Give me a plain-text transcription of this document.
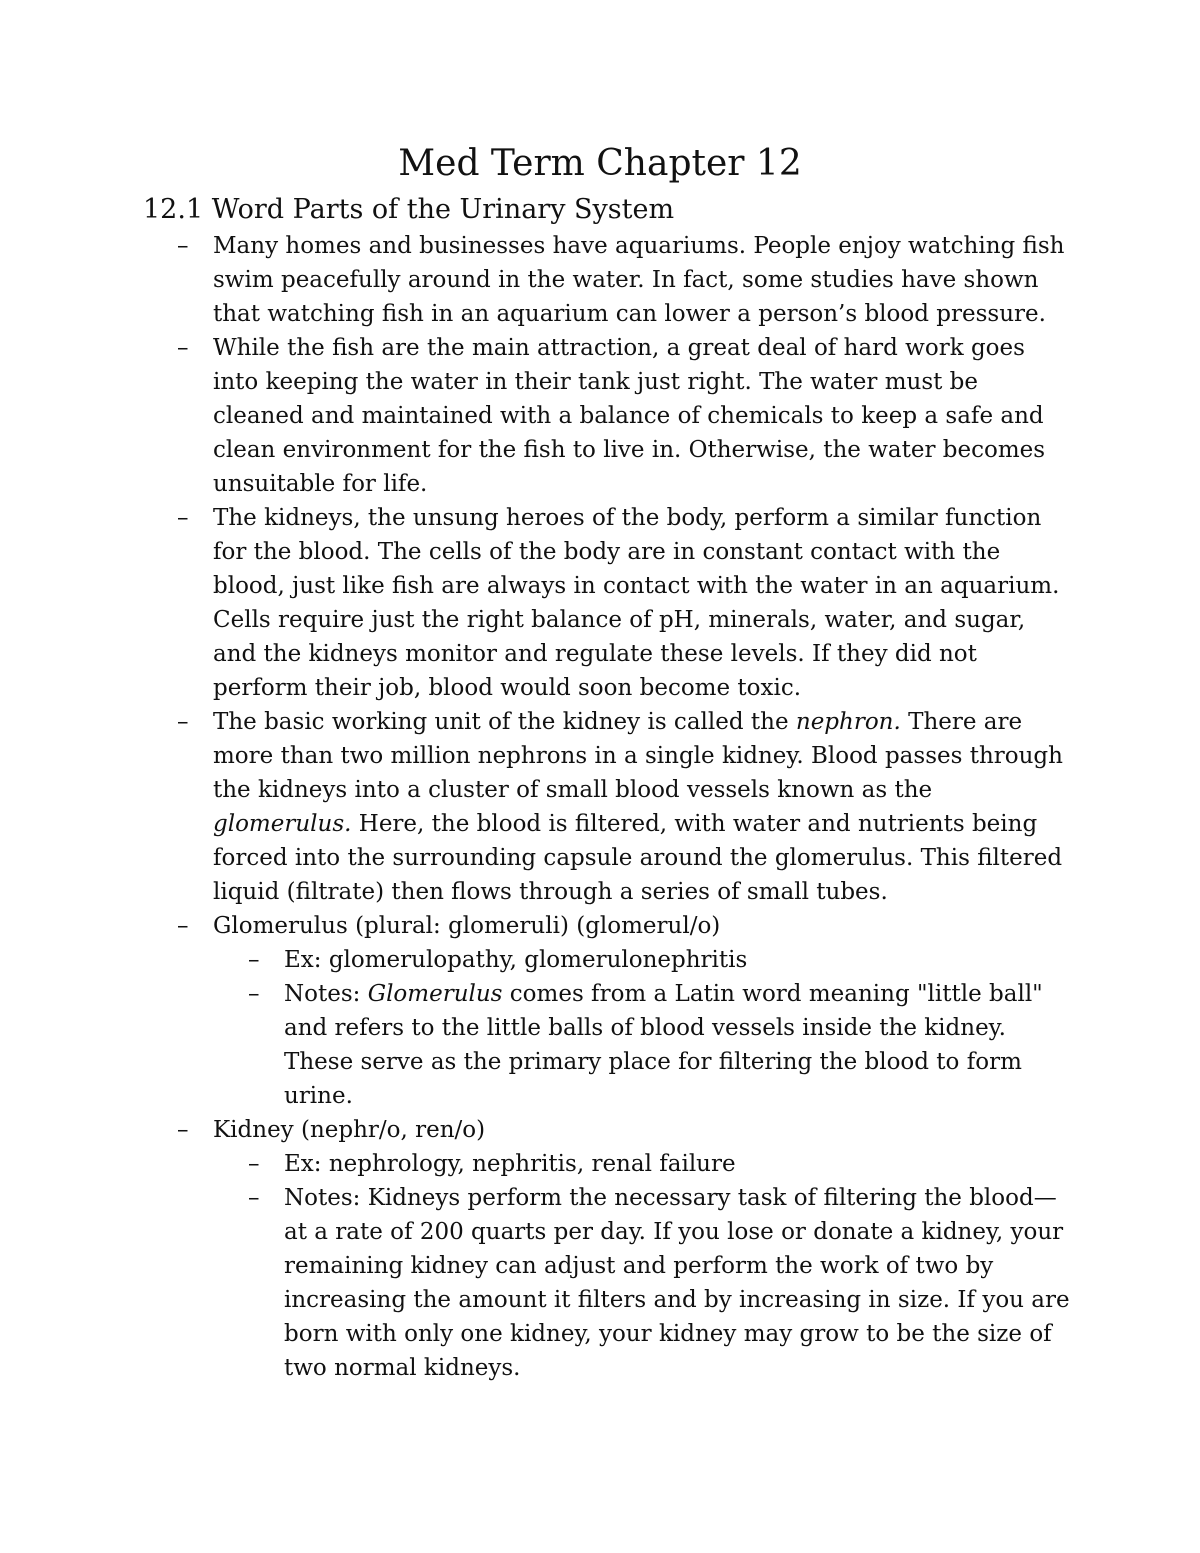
Med Term Chapter 12
12.1 Word Parts of the Urinary System
– Many homes and businesses have aquariums. People enjoy watching fish swim peacefully around in the water. In fact, some studies have shown that watching fish in an aquarium can lower a person’s blood pressure.
– While the fish are the main attraction, a great deal of hard work goes into keeping the water in their tank just right. The water must be cleaned and maintained with a balance of chemicals to keep a safe and clean environment for the fish to live in. Otherwise, the water becomes unsuitable for life.
– The kidneys, the unsung heroes of the body, perform a similar function for the blood. The cells of the body are in constant contact with the blood, just like fish are always in contact with the water in an aquarium. Cells require just the right balance of pH, minerals, water, and sugar, and the kidneys monitor and regulate these levels. If they did not perform their job, blood would soon become toxic.
– The basic working unit of the kidney is called the nephron. There are more than two million nephrons in a single kidney. Blood passes through the kidneys into a cluster of small blood vessels known as the glomerulus. Here, the blood is filtered, with water and nutrients being forced into the surrounding capsule around the glomerulus. This filtered liquid (filtrate) then flows through a series of small tubes.
– Glomerulus (plural: glomeruli) (glomerul/o)
– Ex: glomerulopathy, glomerulonephritis
– Notes: Glomerulus comes from a Latin word meaning "little ball" and refers to the little balls of blood vessels inside the kidney. These serve as the primary place for filtering the blood to form urine.
– Kidney (nephr/o, ren/o)
– Ex: nephrology, nephritis, renal failure
– Notes: Kidneys perform the necessary task of filtering the blood—at a rate of 200 quarts per day. If you lose or donate a kidney, your remaining kidney can adjust and perform the work of two by increasing the amount it filters and by increasing in size. If you are born with only one kidney, your kidney may grow to be the size of two normal kidneys.
